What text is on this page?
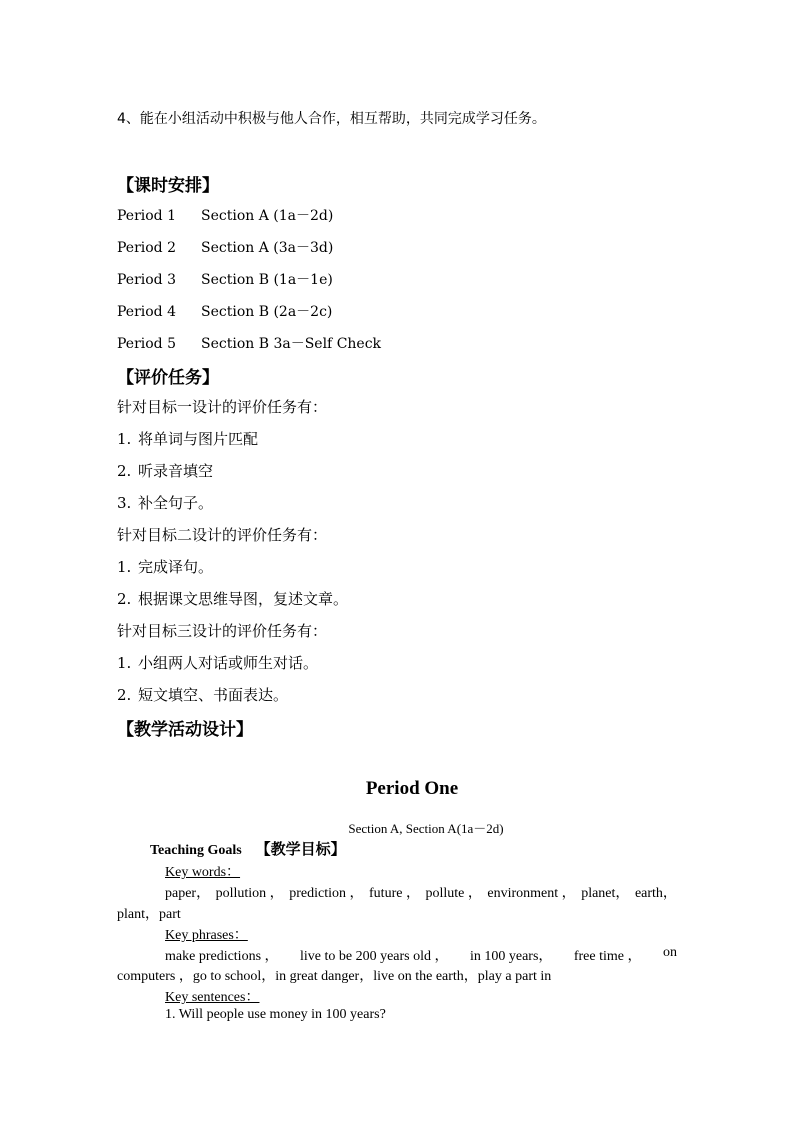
4、能在小组活动中积极与他人合作，相互帮助，共同完成学习任务。
【课时安排】
Period 1 Section A (1a－2d)
Period 2 Section A (3a－3d)
Period 3 Section B (1a－1e)
Period 4 Section B (2a－2c)
Period 5 Section B 3a－Self Check
【评价任务】
针对目标一设计的评价任务有：
1. 将单词与图片匹配
2. 听录音填空
3. 补全句子。
针对目标二设计的评价任务有：
1. 完成译句。
2. 根据课文思维导图，复述文章。
针对目标三设计的评价任务有：
1. 小组两人对话或师生对话。
2. 短文填空、书面表达。
【教学活动设计】
Period One
Section A, Section A(1a－2d)
Teaching Goals 【教学目标】
Key words：
paper， pollution ， prediction ， future ， pollute ， environment ， planet， earth，
plant，part
Key phrases：
make predictions ， live to be 200 years old ， in 100 years， free time ， on
computers ，go to school，in great danger，live on the earth，play a part in
Key sentences：
1. Will people use money in 100 years?
